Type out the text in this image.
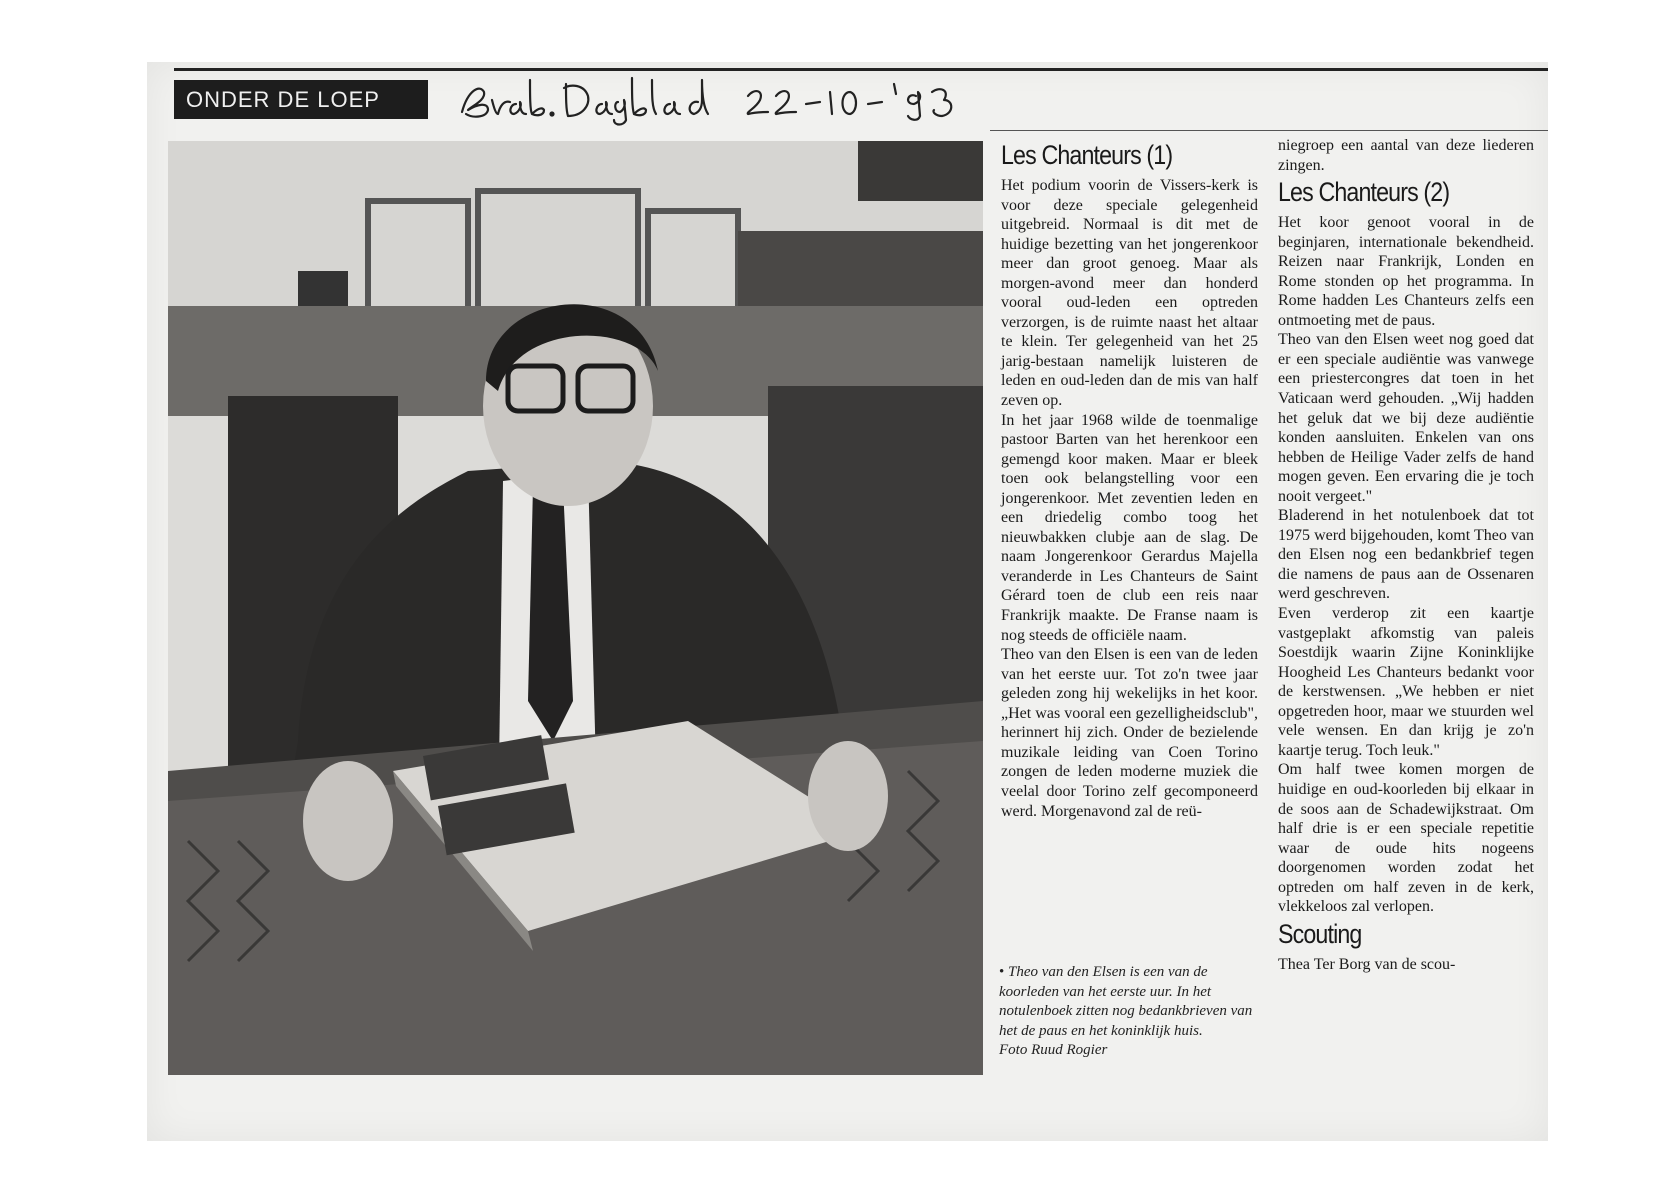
ONDER DE LOEP
• Theo van den Elsen is een van de koorleden van het eerste uur. In het notulenboek zitten nog bedankbrieven van het de paus en het koninklijk huis.
Foto Ruud Rogier
Les Chanteurs (1)

Het podium voorin de Vissers-kerk is voor deze speciale gelegenheid uitgebreid. Normaal is dit met de huidige bezetting van het jongerenkoor meer dan groot genoeg. Maar als morgen-avond meer dan honderd vooral oud-leden een optreden verzorgen, is de ruimte naast het altaar te klein. Ter gelegenheid van het 25 jarig-bestaan namelijk luisteren de leden en oud-leden dan de mis van half zeven op.

In het jaar 1968 wilde de toenmalige pastoor Barten van het herenkoor een gemengd koor maken. Maar er bleek toen ook belangstelling voor een jongerenkoor. Met zeventien leden en een driedelig combo toog het nieuwbakken clubje aan de slag. De naam Jongerenkoor Gerardus Majella veranderde in Les Chanteurs de Saint Gérard toen de club een reis naar Frankrijk maakte. De Franse naam is nog steeds de officiële naam.

Theo van den Elsen is een van de leden van het eerste uur. Tot zo'n twee jaar geleden zong hij wekelijks in het koor. „Het was vooral een gezelligheidsclub", herinnert hij zich. Onder de bezielende muzikale leiding van Coen Torino zongen de leden moderne muziek die veelal door Torino zelf gecomponeerd werd. Morgenavond zal de reü-

niegroep een aantal van deze liederen zingen.

Les Chanteurs (2)

Het koor genoot vooral in de beginjaren, internationale bekendheid. Reizen naar Frankrijk, Londen en Rome stonden op het programma. In Rome hadden Les Chanteurs zelfs een ontmoeting met de paus.

Theo van den Elsen weet nog goed dat er een speciale audiëntie was vanwege een priestercongres dat toen in het Vaticaan werd gehouden. „Wij hadden het geluk dat we bij deze audiëntie konden aansluiten. Enkelen van ons hebben de Heilige Vader zelfs de hand mogen geven. Een ervaring die je toch nooit vergeet."

Bladerend in het notulenboek dat tot 1975 werd bijgehouden, komt Theo van den Elsen nog een bedankbrief tegen die namens de paus aan de Ossenaren werd geschreven.

Even verderop zit een kaartje vastgeplakt afkomstig van paleis Soestdijk waarin Zijne Koninklijke Hoogheid Les Chanteurs bedankt voor de kerstwensen. „We hebben er niet opgetreden hoor, maar we stuurden wel vele wensen. En dan krijg je zo'n kaartje terug. Toch leuk."

Om half twee komen morgen de huidige en oud-koorleden bij elkaar in de soos aan de Schadewijkstraat. Om half drie is er een speciale repetitie waar de oude hits nogeens doorgenomen worden zodat het optreden om half zeven in de kerk, vlekkeloos zal verlopen.

Scouting

Thea Ter Borg van de scou-
